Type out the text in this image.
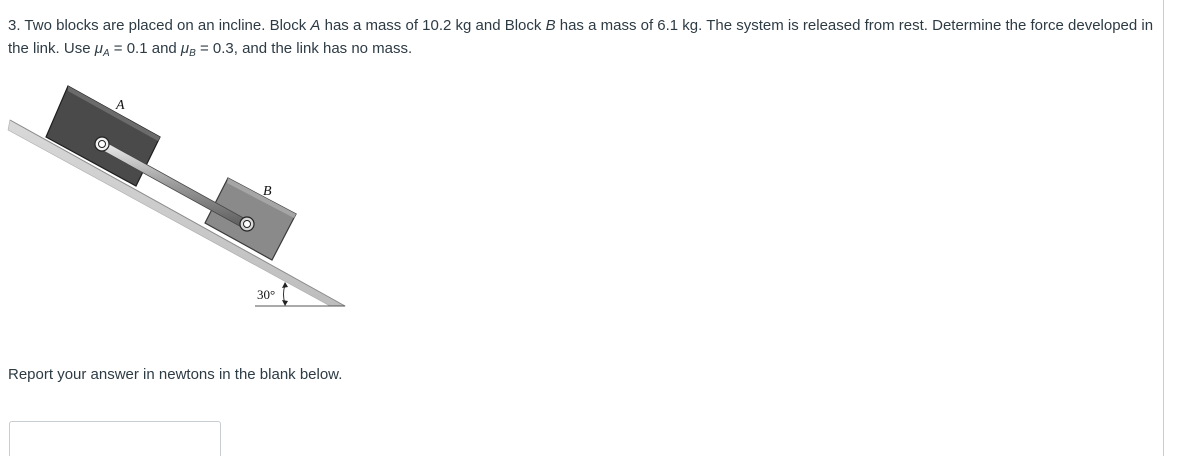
3. Two blocks are placed on an incline. Block A has a mass of 10.2 kg and Block B has a mass of 6.1 kg. The system is released from rest. Determine the force developed in the link. Use $\mu_A = 0.1$ and $\mu_B = 0.3$, and the link has no mass.
A
B
30°
Report your answer in newtons in the blank below.
